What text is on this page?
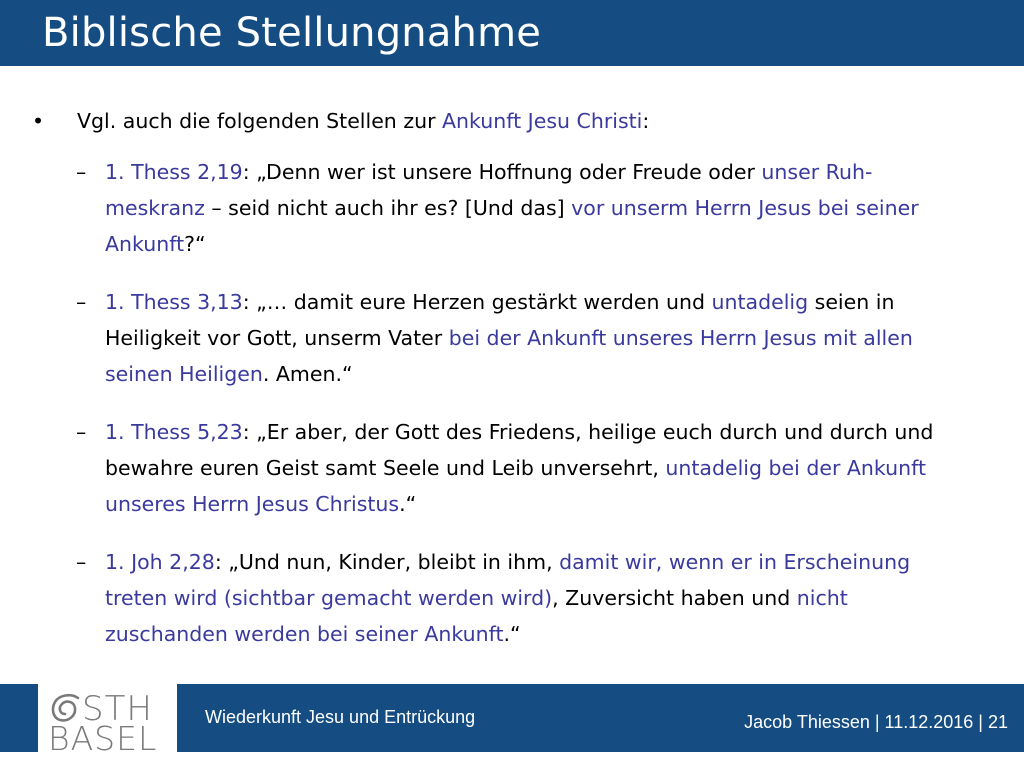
Biblische Stellungnahme
• Vgl. auch die folgenden Stellen zur Ankunft Jesu Christi:
– 1. Thess 2,19: „Denn wer ist unsere Hoffnung oder Freude oder unser Ruh-
meskranz – seid nicht auch ihr es? [Und das] vor unserm Herrn Jesus bei seiner
Ankunft?“
– 1. Thess 3,13: „… damit eure Herzen gestärkt werden und untadelig seien in
Heiligkeit vor Gott, unserm Vater bei der Ankunft unseres Herrn Jesus mit allen
seinen Heiligen. Amen.“
– 1. Thess 5,23: „Er aber, der Gott des Friedens, heilige euch durch und durch und
bewahre euren Geist samt Seele und Leib unversehrt, untadelig bei der Ankunft
unseres Herrn Jesus Christus.“
– 1. Joh 2,28: „Und nun, Kinder, bleibt in ihm, damit wir, wenn er in Erscheinung
treten wird (sichtbar gemacht werden wird), Zuversicht haben und nicht
zuschanden werden bei seiner Ankunft.“
STH
BASEL
Wiederkunft Jesu und Entrückung	Jacob Thiessen | 11.12.2016 | 21
